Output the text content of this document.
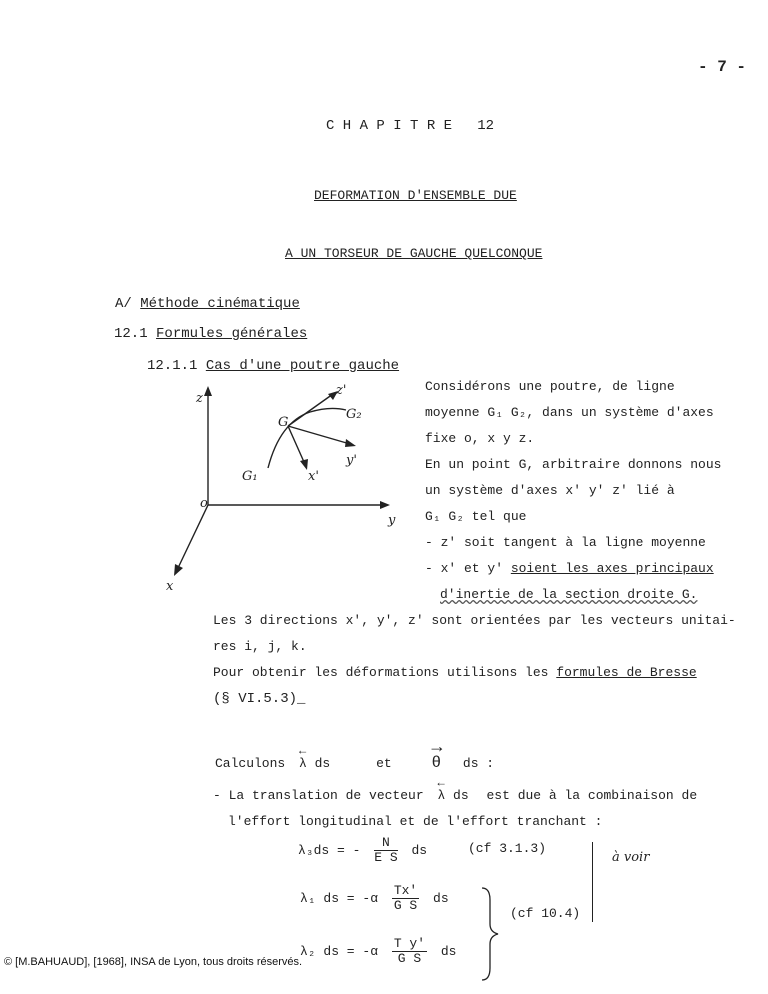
- 7 -
C H A P I T R E   12
DEFORMATION D'ENSEMBLE DUE
A UN TORSEUR DE GAUCHE QUELCONQUE
A/ Méthode cinématique
12.1 Formules générales
12.1.1 Cas d'une poutre gauche
z
y
x
o
G
G₁
G₂
x'
y'
z'	Considérons une poutre, de ligne
moyenne G₁ G₂, dans un système d'axes
fixe o, x y z.
En un point G, arbitraire donnons nous
un système d'axes x' y' z' lié à
G₁ G₂ tel que
- z' soit tangent à la ligne moyenne
- x' et y' soient les axes principaux
d'inertie de la section droite G.
Les 3 directions x', y', z' sont orientées par les vecteurs unitai-
res i, j, k.
Pour obtenir les déformations utilisons les formules de Bresse
(§ VI.5.3)_
Calculons ← λ ds	et → θ ds :
- La translation de vecteur ← λ ds est due à la combinaison de
l'effort longitudinal et de l'effort tranchant :
λ₃ds = - $\frac{N}{\text{E S}}$ ds	(cf 3.1.3)
λ₁ ds = $-\alpha \frac{Tx'}{\text{G S}}$ ds
λ₂ ds = $-\alpha \frac{\text{T y'}}{\text{G S}}$ ds
(cf 10.4)
à voir
© [M.BAHUAUD], [1968], INSA de Lyon, tous droits réservés.
